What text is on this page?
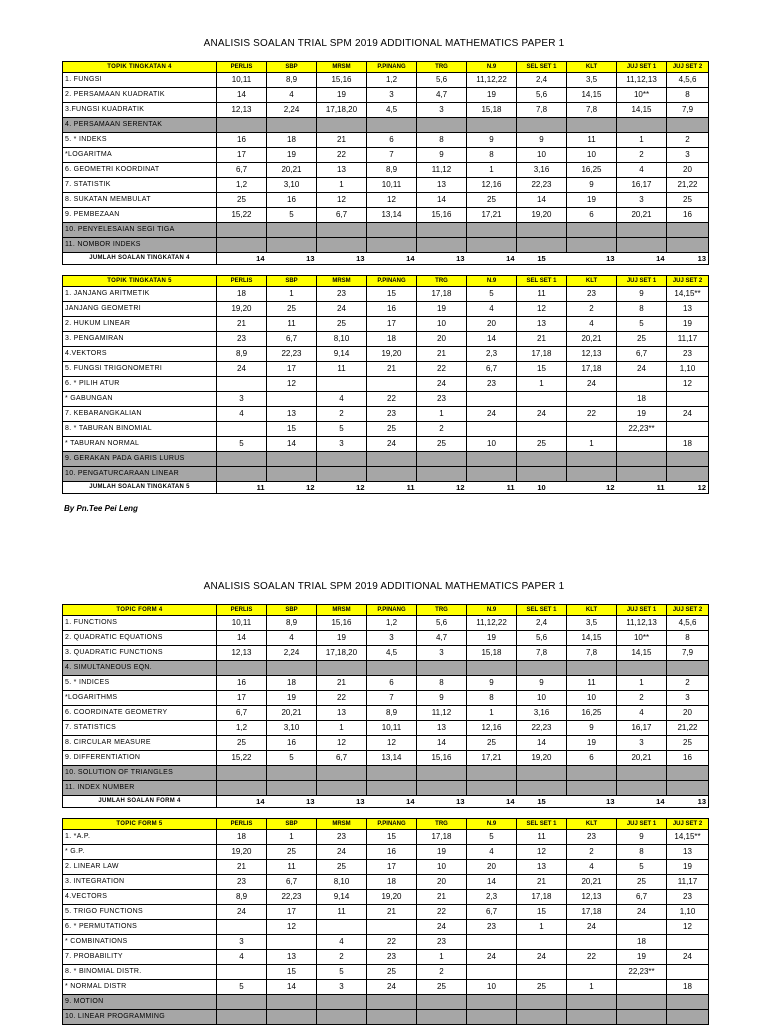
ANALISIS SOALAN TRIAL SPM 2019 ADDITIONAL MATHEMATICS PAPER 1
TOPIK TINGKATAN 4	PERLIS	SBP	MRSM	P.PINANG	TRG	N.9	SEL SET 1	KLT	JUJ SET 1	JUJ SET 2
1. FUNGSI	10,11	8,9	15,16	1,2	5,6	11,12,22	2,4	3,5	11,12,13	4,5,6
2. PERSAMAAN KUADRATIK	14	4	19	3	4,7	19	5,6	14,15	10**	8
3.FUNGSI KUADRATIK	12,13	2,24	17,18,20	4,5	3	15,18	7,8	7,8	14,15	7,9
4. PERSAMAAN SERENTAK										
5. * INDEKS	16	18	21	6	8	9	9	11	1	2
*LOGARITMA	17	19	22	7	9	8	10	10	2	3
6. GEOMETRI KOORDINAT	6,7	20,21	13	8,9	11,12	1	3,16	16,25	4	20
7. STATISTIK	1,2	3,10	1	10,11	13	12,16	22,23	9	16,17	21,22
8. SUKATAN MEMBULAT	25	16	12	12	14	25	14	19	3	25
9. PEMBEZAAN	15,22	5	6,7	13,14	15,16	17,21	19,20	6	20,21	16
10. PENYELESAIAN SEGI TIGA										
11. NOMBOR INDEKS										
JUMLAH SOALAN TINGKATAN 4	14	13	13	14	13	14	15	13	14	13
TOPIK TINGKATAN 5	PERLIS	SBP	MRSM	P.PINANG	TRG	N.9	SEL SET 1	KLT	JUJ SET 1	JUJ SET 2
1. JANJANG ARITMETIK	18	1	23	15	17,18	5	11	23	9	14,15**
JANJANG GEOMETRI	19,20	25	24	16	19	4	12	2	8	13
2. HUKUM LINEAR	21	11	25	17	10	20	13	4	5	19
3. PENGAMIRAN	23	6,7	8,10	18	20	14	21	20,21	25	11,17
4.VEKTORS	8,9	22,23	9,14	19,20	21	2,3	17,18	12,13	6,7	23
5. FUNGSI TRIGONOMETRI	24	17	11	21	22	6,7	15	17,18	24	1,10
6. * PILIH ATUR		12			24	23	1	24		12
* GABUNGAN	3		4	22	23				18	
7. KEBARANGKALIAN	4	13	2	23	1	24	24	22	19	24
8. * TABURAN BINOMIAL		15	5	25	2				22,23**	
* TABURAN NORMAL	5	14	3	24	25	10	25	1		18
9. GERAKAN PADA GARIS LURUS										
10. PENGATURCARAAN LINEAR										
JUMLAH SOALAN TINGKATAN 5	11	12	12	11	12	11	10	12	11	12
By Pn.Tee Pei Leng
ANALISIS SOALAN TRIAL SPM 2019 ADDITIONAL MATHEMATICS PAPER 1
TOPIC FORM 4	PERLIS	SBP	MRSM	P.PINANG	TRG	N.9	SEL SET 1	KLT	JUJ SET 1	JUJ SET 2
1. FUNCTIONS	10,11	8,9	15,16	1,2	5,6	11,12,22	2,4	3,5	11,12,13	4,5,6
2. QUADRATIC EQUATIONS	14	4	19	3	4,7	19	5,6	14,15	10**	8
3. QUADRATIC FUNCTIONS	12,13	2,24	17,18,20	4,5	3	15,18	7,8	7,8	14,15	7,9
4. SIMULTANEOUS EQN.										
5. * INDICES	16	18	21	6	8	9	9	11	1	2
*LOGARITHMS	17	19	22	7	9	8	10	10	2	3
6. COORDINATE GEOMETRY	6,7	20,21	13	8,9	11,12	1	3,16	16,25	4	20
7. STATISTICS	1,2	3,10	1	10,11	13	12,16	22,23	9	16,17	21,22
8. CIRCULAR MEASURE	25	16	12	12	14	25	14	19	3	25
9. DIFFERENTIATION	15,22	5	6,7	13,14	15,16	17,21	19,20	6	20,21	16
10. SOLUTION OF TRIANGLES										
11. INDEX NUMBER										
JUMLAH SOALAN FORM 4	14	13	13	14	13	14	15	13	14	13
TOPIC FORM 5	PERLIS	SBP	MRSM	P.PINANG	TRG	N.9	SEL SET 1	KLT	JUJ SET 1	JUJ SET 2
1. *A.P.	18	1	23	15	17,18	5	11	23	9	14,15**
* G.P.	19,20	25	24	16	19	4	12	2	8	13
2. LINEAR LAW	21	11	25	17	10	20	13	4	5	19
3. INTEGRATION	23	6,7	8,10	18	20	14	21	20,21	25	11,17
4.VECTORS	8,9	22,23	9,14	19,20	21	2,3	17,18	12,13	6,7	23
5. TRIGO FUNCTIONS	24	17	11	21	22	6,7	15	17,18	24	1,10
6. * PERMUTATIONS		12			24	23	1	24		12
* COMBINATIONS	3		4	22	23				18	
7. PROBABILITY	4	13	2	23	1	24	24	22	19	24
8. * BINOMIAL DISTR.		15	5	25	2				22,23**	
* NORMAL DISTR	5	14	3	24	25	10	25	1		18
9. MOTION										
10. LINEAR PROGRAMMING										
